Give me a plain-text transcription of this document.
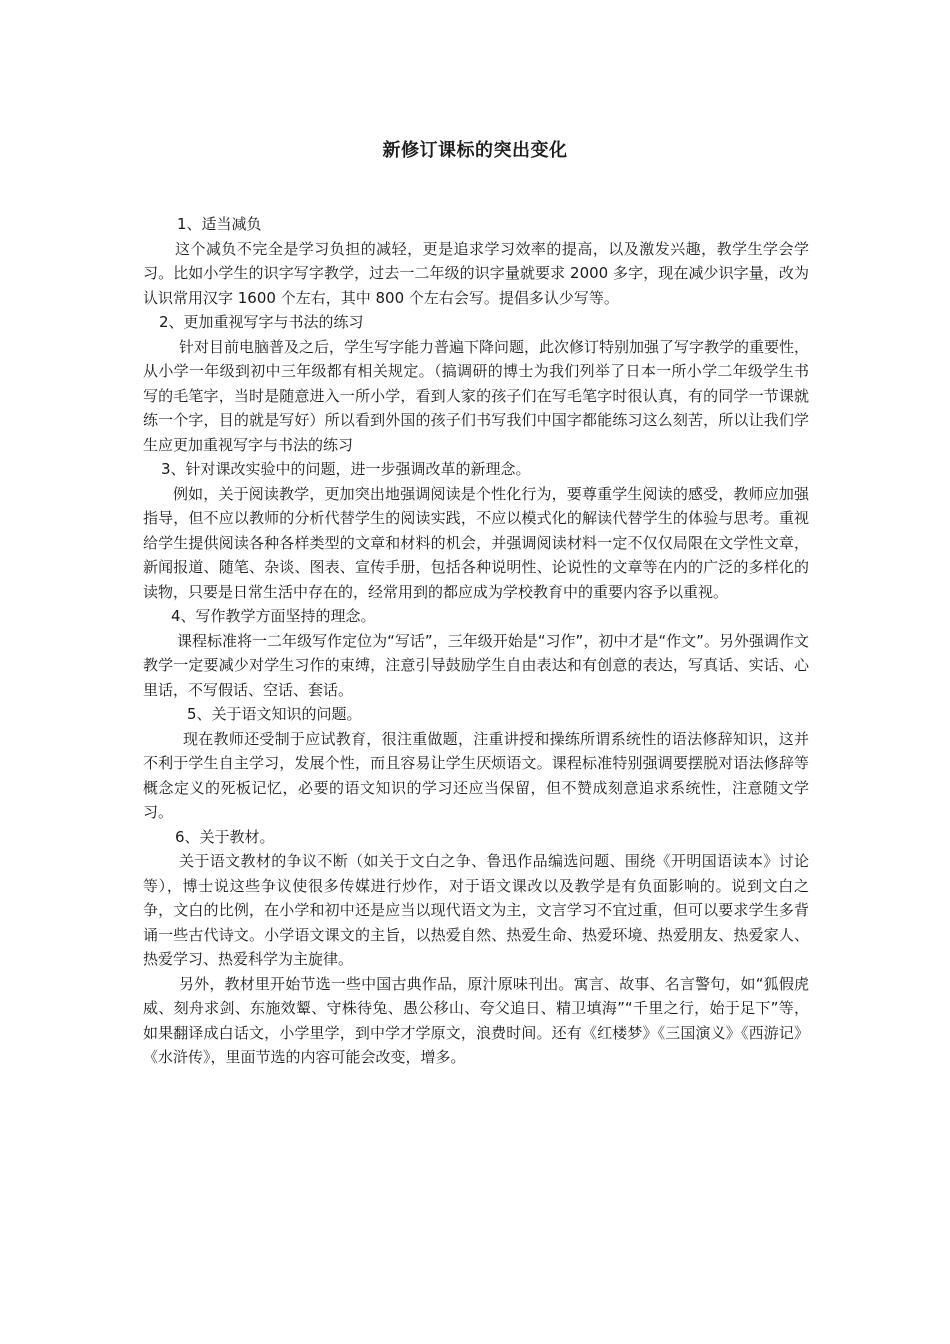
新修订课标的突出变化

1、适当减负

这个减负不完全是学习负担的减轻，更是追求学习效率的提高，以及激发兴趣，教学生学会学习。比如小学生的识字写字教学，过去一二年级的识字量就要求 2000 多字，现在减少识字量，改为认识常用汉字 1600 个左右，其中 800 个左右会写。提倡多认少写等。

2、更加重视写字与书法的练习

针对目前电脑普及之后，学生写字能力普遍下降问题，此次修订特别加强了写字教学的重要性，从小学一年级到初中三年级都有相关规定。（搞调研的博士为我们列举了日本一所小学二年级学生书写的毛笔字，当时是随意进入一所小学，看到人家的孩子们在写毛笔字时很认真，有的同学一节课就练一个字，目的就是写好）所以看到外国的孩子们书写我们中国字都能练习这么刻苦，所以让我们学生应更加重视写字与书法的练习

3、针对课改实验中的问题，进一步强调改革的新理念。

例如，关于阅读教学，更加突出地强调阅读是个性化行为，要尊重学生阅读的感受，教师应加强指导，但不应以教师的分析代替学生的阅读实践，不应以模式化的解读代替学生的体验与思考。重视给学生提供阅读各种各样类型的文章和材料的机会，并强调阅读材料一定不仅仅局限在文学性文章，新闻报道、随笔、杂谈、图表、宣传手册，包括各种说明性、论说性的文章等在内的广泛的多样化的读物，只要是日常生活中存在的，经常用到的都应成为学校教育中的重要内容予以重视。

4、写作教学方面坚持的理念。

课程标准将一二年级写作定位为“写话”，三年级开始是“习作”，初中才是“作文”。另外强调作文教学一定要减少对学生习作的束缚，注意引导鼓励学生自由表达和有创意的表达，写真话、实话、心里话，不写假话、空话、套话。

5、关于语文知识的问题。

现在教师还受制于应试教育，很注重做题，注重讲授和操练所谓系统性的语法修辞知识，这并不利于学生自主学习，发展个性，而且容易让学生厌烦语文。课程标准特别强调要摆脱对语法修辞等概念定义的死板记忆，必要的语文知识的学习还应当保留，但不赞成刻意追求系统性，注意随文学习。

6、关于教材。

关于语文教材的争议不断（如关于文白之争、鲁迅作品编选问题、围绕《开明国语读本》讨论等），博士说这些争议使很多传媒进行炒作，对于语文课改以及教学是有负面影响的。说到文白之争，文白的比例，在小学和初中还是应当以现代语文为主，文言学习不宜过重，但可以要求学生多背诵一些古代诗文。小学语文课文的主旨，以热爱自然、热爱生命、热爱环境、热爱朋友、热爱家人、热爱学习、热爱科学为主旋律。

另外，教材里开始节选一些中国古典作品，原汁原味刊出。寓言、故事、名言警句，如“狐假虎威、刻舟求剑、东施效颦、守株待兔、愚公移山、夸父追日、精卫填海”“千里之行，始于足下”等，如果翻译成白话文，小学里学，到中学才学原文，浪费时间。还有《红楼梦》《三国演义》《西游记》《水浒传》，里面节选的内容可能会改变，增多。
